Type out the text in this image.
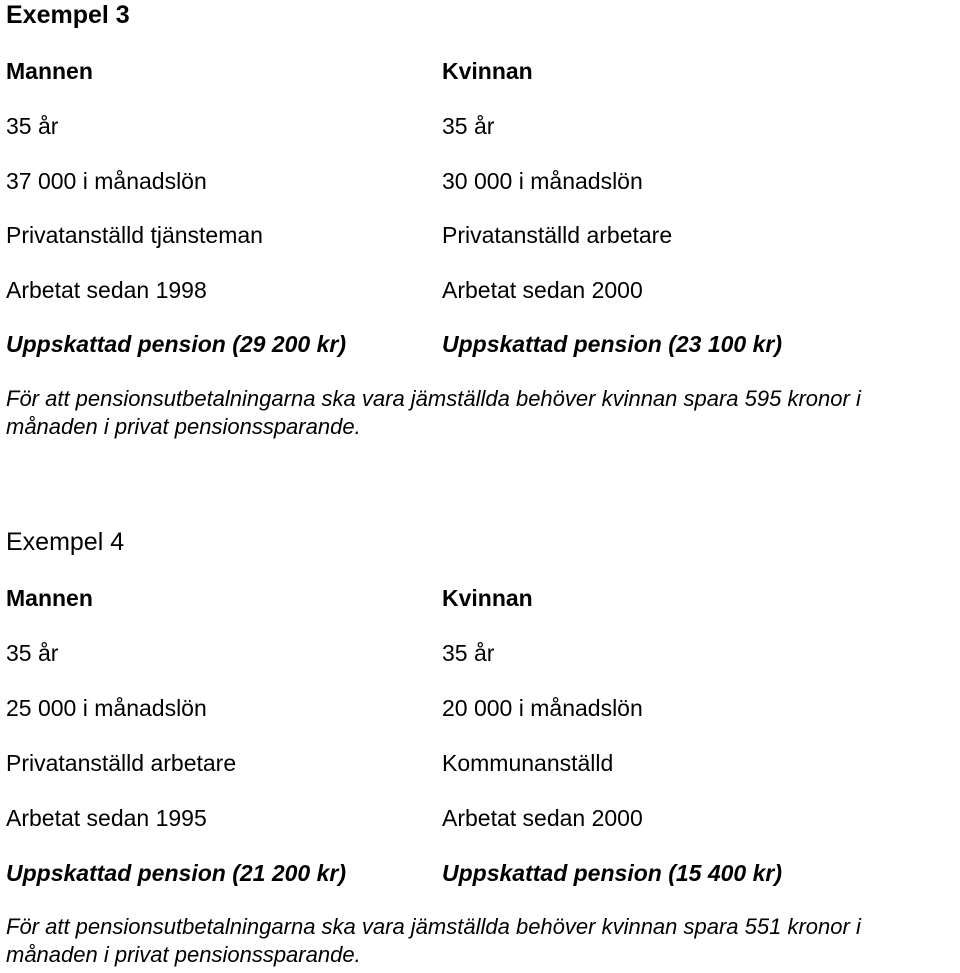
Exempel 3
Mannen	Kvinnan
35 år	35 år
37 000 i månadslön	30 000 i månadslön
Privatanställd tjänsteman	Privatanställd arbetare
Arbetat sedan 1998	Arbetat sedan 2000
Uppskattad pension (29 200 kr)	Uppskattad pension (23 100 kr)
För att pensionsutbetalningarna ska vara jämställda behöver kvinnan spara 595 kronor i månaden i privat pensionssparande.
Exempel 4
Mannen	Kvinnan
35 år	35 år
25 000 i månadslön	20 000 i månadslön
Privatanställd arbetare	Kommunanställd
Arbetat sedan 1995	Arbetat sedan 2000
Uppskattad pension (21 200 kr)	Uppskattad pension (15 400 kr)
För att pensionsutbetalningarna ska vara jämställda behöver kvinnan spara 551 kronor i månaden i privat pensionssparande.
